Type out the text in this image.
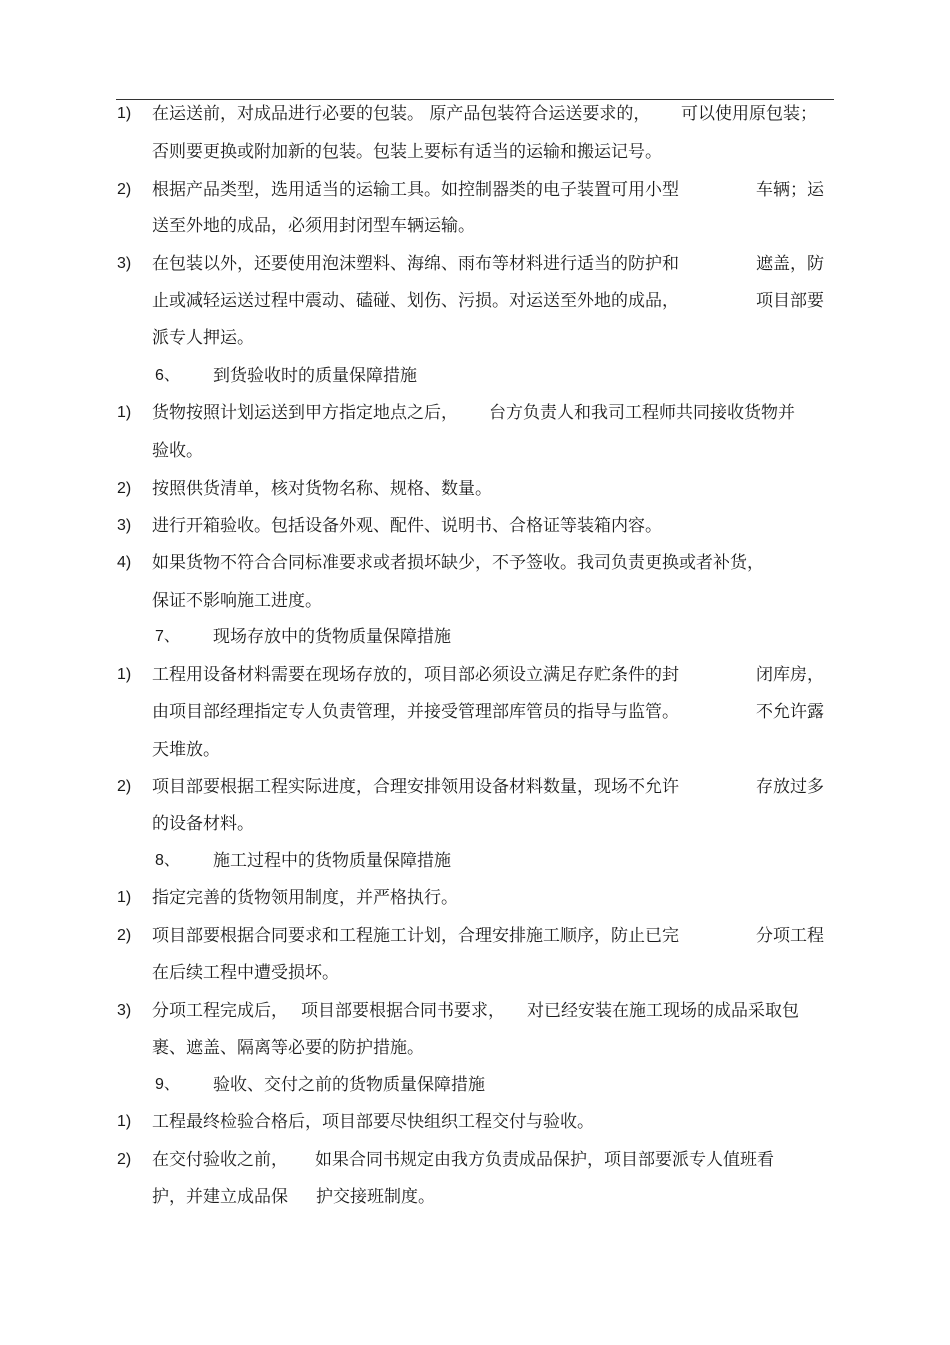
1) 在运送前，对成品进行必要的包装。 原产品包装符合运送要求的， 可以使用原包装；
否则要更换或附加新的包装。包装上要标有适当的运输和搬运记号。
2) 根据产品类型，选用适当的运输工具。如控制器类的电子装置可用小型	车辆；运
送至外地的成品，必须用封闭型车辆运输。
3) 在包装以外，还要使用泡沫塑料、海绵、雨布等材料进行适当的防护和	遮盖，防
止或减轻运送过程中震动、磕碰、划伤、污损。对运送至外地的成品，	项目部要
派专人押运。
6、 到货验收时的质量保障措施
1) 货物按照计划运送到甲方指定地点之后， 台方负责人和我司工程师共同接收货物并
验收。
2) 按照供货清单，核对货物名称、规格、数量。
3) 进行开箱验收。包括设备外观、配件、说明书、合格证等装箱内容。
4) 如果货物不符合合同标准要求或者损坏缺少，不予签收。我司负责更换或者补货，
保证不影响施工进度。
7、 现场存放中的货物质量保障措施
1) 工程用设备材料需要在现场存放的，项目部必须设立满足存贮条件的封	闭库房，
由项目部经理指定专人负责管理，并接受管理部库管员的指导与监管。	不允许露
天堆放。
2) 项目部要根据工程实际进度，合理安排领用设备材料数量，现场不允许	存放过多
的设备材料。
8、 施工过程中的货物质量保障措施
1) 指定完善的货物领用制度，并严格执行。
2) 项目部要根据合同要求和工程施工计划，合理安排施工顺序，防止已完	分项工程
在后续工程中遭受损坏。
3) 分项工程完成后， 项目部要根据合同书要求， 对已经安装在施工现场的成品采取包
裹、遮盖、隔离等必要的防护措施。
9、 验收、交付之前的货物质量保障措施
1) 工程最终检验合格后，项目部要尽快组织工程交付与验收。
2) 在交付验收之前， 如果合同书规定由我方负责成品保护，项目部要派专人值班看
护，并建立成品保 护交接班制度。
